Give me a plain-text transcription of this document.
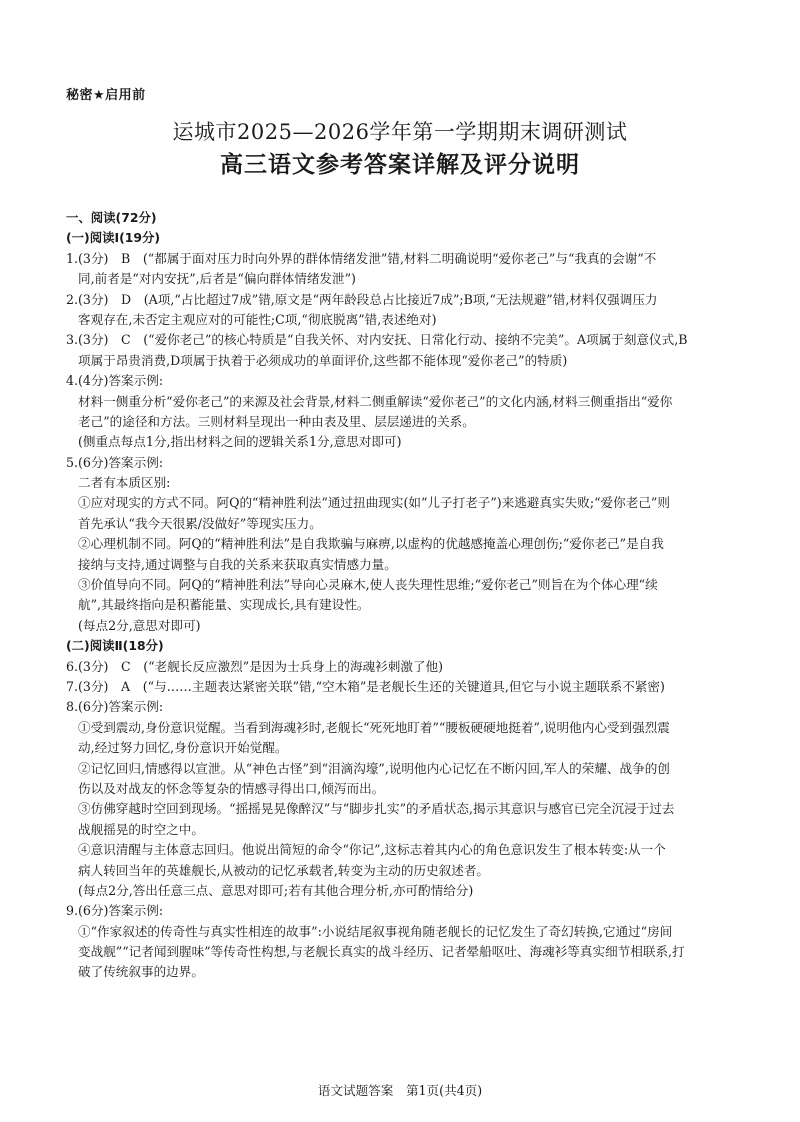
秘密★启用前
运城市2025—2026学年第一学期期末调研测试
高三语文参考答案详解及评分说明
一、阅读(72分)
(一)阅读Ⅰ(19分)
1.(3分)　B　(“都属于面对压力时向外界的群体情绪发泄”错,材料二明确说明“爱你老己”与“我真的会谢”不
同,前者是“对内安抚”,后者是“偏向群体情绪发泄”)
2.(3分)　D　(A项,“占比超过7成”错,原文是“两年龄段总占比接近7成”;B项,“无法规避”错,材料仅强调压力
客观存在,未否定主观应对的可能性;C项,“彻底脱离”错,表述绝对)
3.(3分)　C　(“爱你老己”的核心特质是“自我关怀、对内安抚、日常化行动、接纳不完美”。A项属于刻意仪式,B
项属于昂贵消费,D项属于执着于必须成功的单面评价,这些都不能体现“爱你老己”的特质)
4.(4分)答案示例:
材料一侧重分析“爱你老己”的来源及社会背景,材料二侧重解读“爱你老己”的文化内涵,材料三侧重指出“爱你
老己”的途径和方法。三则材料呈现出一种由表及里、层层递进的关系。
(侧重点每点1分,指出材料之间的逻辑关系1分,意思对即可)
5.(6分)答案示例:
二者有本质区别:
①应对现实的方式不同。阿Q的“精神胜利法”通过扭曲现实(如“儿子打老子”)来逃避真实失败;“爱你老己”则
首先承认“我今天很累/没做好”等现实压力。
②心理机制不同。阿Q的“精神胜利法”是自我欺骗与麻痹,以虚构的优越感掩盖心理创伤;“爱你老己”是自我
接纳与支持,通过调整与自我的关系来获取真实情感力量。
③价值导向不同。阿Q的“精神胜利法”导向心灵麻木,使人丧失理性思维;“爱你老己”则旨在为个体心理“续
航”,其最终指向是积蓄能量、实现成长,具有建设性。
(每点2分,意思对即可)
(二)阅读Ⅱ(18分)
6.(3分)　C　(“老舰长反应激烈”是因为士兵身上的海魂衫刺激了他)
7.(3分)　A　(“与……主题表达紧密关联”错,“空木箱”是老舰长生还的关键道具,但它与小说主题联系不紧密)
8.(6分)答案示例:
①受到震动,身份意识觉醒。当看到海魂衫时,老舰长“死死地盯着”“腰板硬硬地挺着”,说明他内心受到强烈震
动,经过努力回忆,身份意识开始觉醒。
②记忆回归,情感得以宣泄。从“神色古怪”到“泪滴沟壕”,说明他内心记忆在不断闪回,军人的荣耀、战争的创
伤以及对战友的怀念等复杂的情感寻得出口,倾泻而出。
③仿佛穿越时空回到现场。“摇摇晃晃像醉汉”与“脚步扎实”的矛盾状态,揭示其意识与感官已完全沉浸于过去
战舰摇晃的时空之中。
④意识清醒与主体意志回归。他说出简短的命令“你记”,这标志着其内心的角色意识发生了根本转变:从一个
病人转回当年的英雄舰长,从被动的记忆承载者,转变为主动的历史叙述者。
(每点2分,答出任意三点、意思对即可;若有其他合理分析,亦可酌情给分)
9.(6分)答案示例:
①“作家叙述的传奇性与真实性相连的故事”:小说结尾叙事视角随老舰长的记忆发生了奇幻转换,它通过“房间
变战舰”“记者闻到腥味”等传奇性构想,与老舰长真实的战斗经历、记者晕船呕吐、海魂衫等真实细节相联系,打
破了传统叙事的边界。
语文试题答案　第1页(共4页)
